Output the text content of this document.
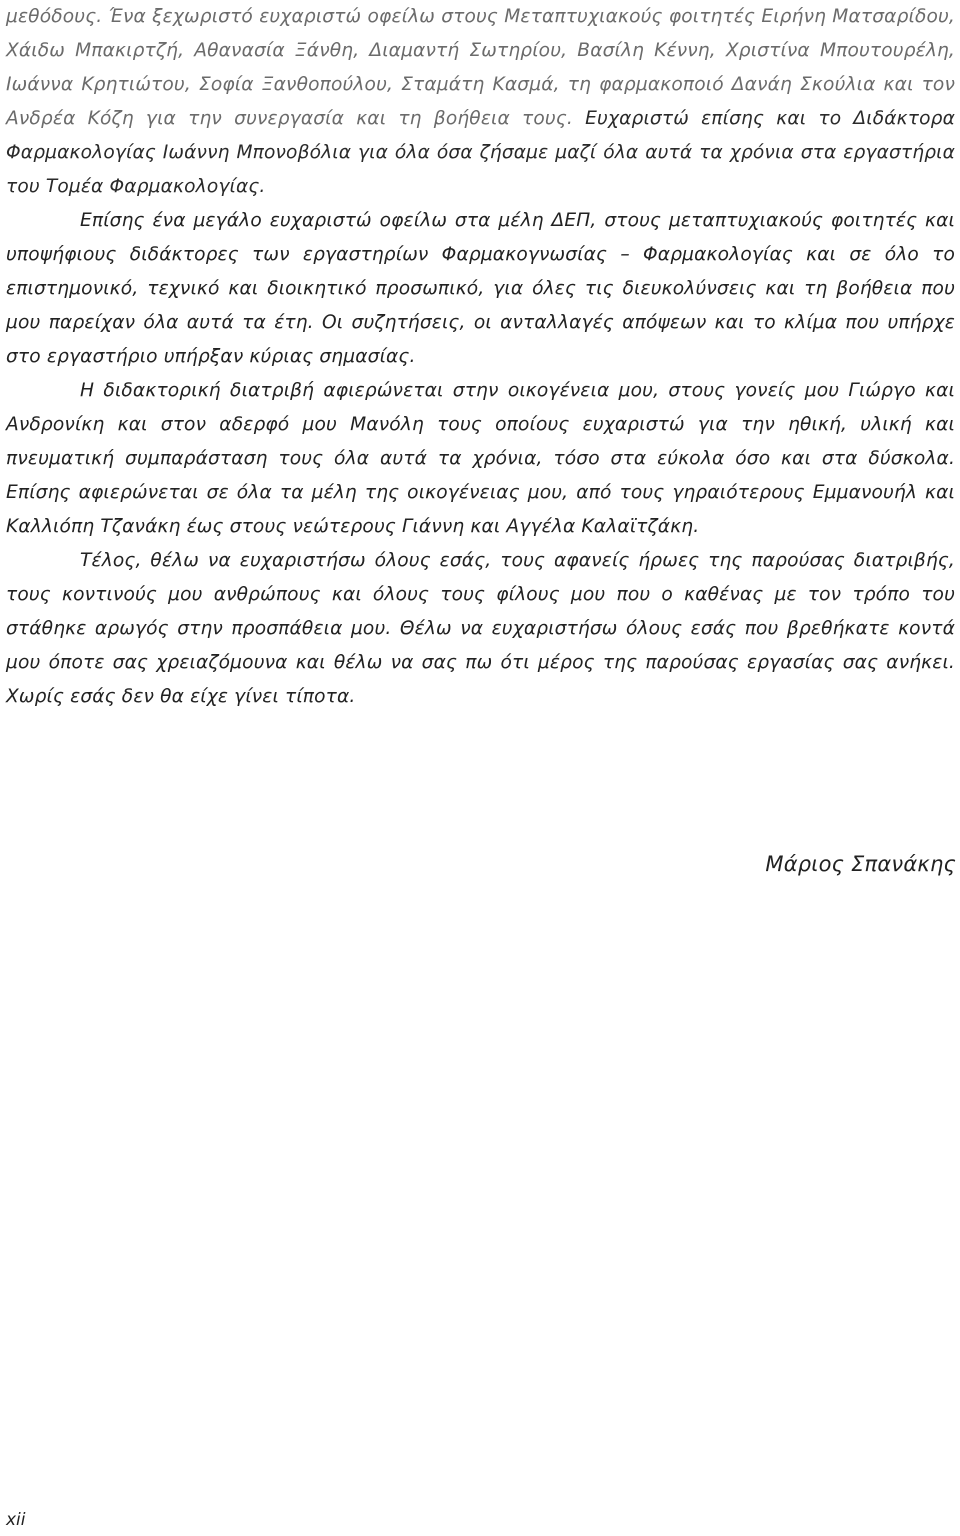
μεθόδους. Ένα ξεχωριστό ευχαριστώ οφείλω στους Μεταπτυχιακούς φοιτητές Ειρήνη Ματσαρίδου, Χάιδω Μπακιρτζή, Αθανασία Ξάνθη, Διαμαντή Σωτηρίου, Βασίλη Κέννη, Χριστίνα Μπουτουρέλη, Ιωάννα Κρητιώτου, Σοφία Ξανθοπούλου, Σταμάτη Κασμά, τη φαρμακοποιό Δανάη Σκούλια και τον Ανδρέα Κόζη για την συνεργασία και τη βοήθεια τους. Ευχαριστώ επίσης και το Διδάκτορα Φαρμακολογίας Ιωάννη Μπονοβόλια για όλα όσα ζήσαμε μαζί όλα αυτά τα χρόνια στα εργαστήρια του Τομέα Φαρμακολογίας.

Επίσης ένα μεγάλο ευχαριστώ οφείλω στα μέλη ΔΕΠ, στους μεταπτυχιακούς φοιτητές και υποψήφιους διδάκτορες των εργαστηρίων Φαρμακογνωσίας – Φαρμακολογίας και σε όλο το επιστημονικό, τεχνικό και διοικητικό προσωπικό, για όλες τις διευκολύνσεις και τη βοήθεια που μου παρείχαν όλα αυτά τα έτη. Οι συζητήσεις, οι ανταλλαγές απόψεων και το κλίμα που υπήρχε στο εργαστήριο υπήρξαν κύριας σημασίας.

Η διδακτορική διατριβή αφιερώνεται στην οικογένεια μου, στους γονείς μου Γιώργο και Ανδρονίκη και στον αδερφό μου Μανόλη τους οποίους ευχαριστώ για την ηθική, υλική και πνευματική συμπαράσταση τους όλα αυτά τα χρόνια, τόσο στα εύκολα όσο και στα δύσκολα. Επίσης αφιερώνεται σε όλα τα μέλη της οικογένειας μου, από τους γηραιότερους Εμμανουήλ και Καλλιόπη Τζανάκη έως στους νεώτερους Γιάννη και Αγγέλα Καλαϊτζάκη.

Τέλος, θέλω να ευχαριστήσω όλους εσάς, τους αφανείς ήρωες της παρούσας διατριβής, τους κοντινούς μου ανθρώπους και όλους τους φίλους μου που ο καθένας με τον τρόπο του στάθηκε αρωγός στην προσπάθεια μου. Θέλω να ευχαριστήσω όλους εσάς που βρεθήκατε κοντά μου όποτε σας χρειαζόμουνα και θέλω να σας πω ότι μέρος της παρούσας εργασίας σας ανήκει. Χωρίς εσάς δεν θα είχε γίνει τίποτα.

Μάριος Σπανάκης
xii
